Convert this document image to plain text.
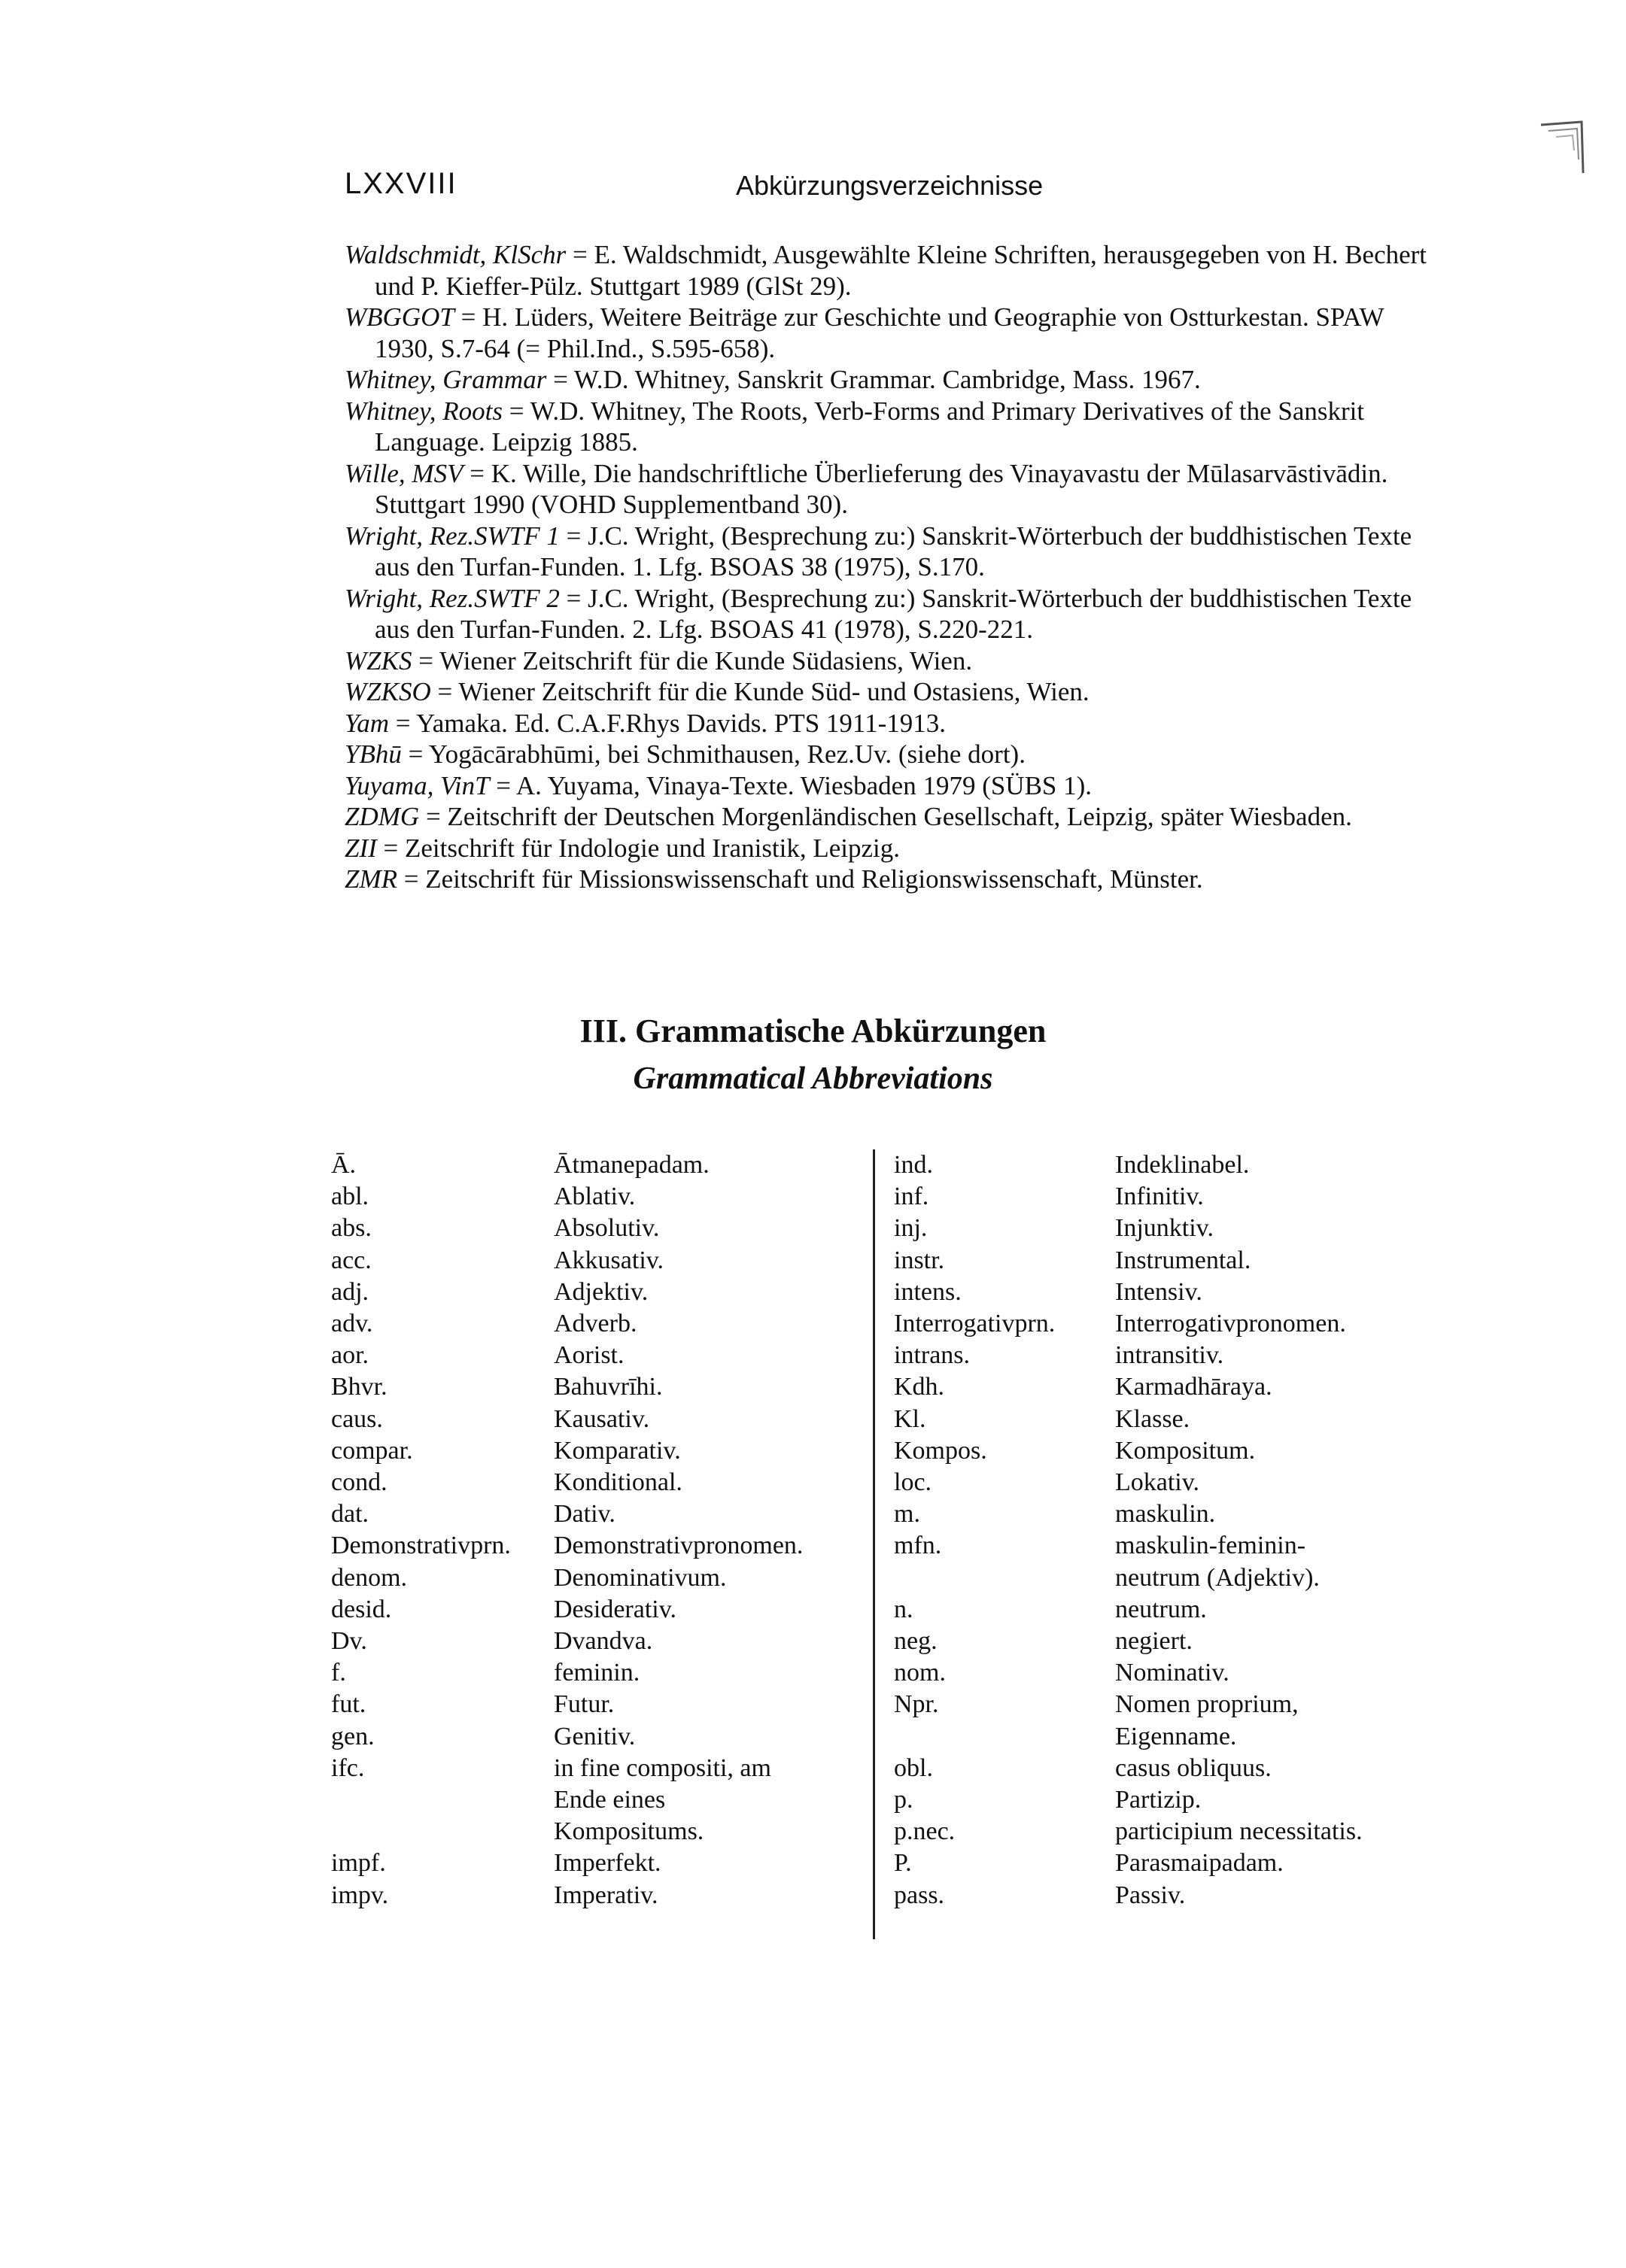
LXXVIII	Abkürzungsverzeichnisse

Waldschmidt, KlSchr = E. Waldschmidt, Ausgewählte Kleine Schriften, herausgegeben von H. Bechert und P. Kieffer-Pülz. Stuttgart 1989 (GlSt 29).

WBGGOT = H. Lüders, Weitere Beiträge zur Geschichte und Geographie von Ostturkestan. SPAW 1930, S.7-64 (= Phil.Ind., S.595-658).

Whitney, Grammar = W.D. Whitney, Sanskrit Grammar. Cambridge, Mass. 1967.

Whitney, Roots = W.D. Whitney, The Roots, Verb-Forms and Primary Derivatives of the Sanskrit Language. Leipzig 1885.

Wille, MSV = K. Wille, Die handschriftliche Überlieferung des Vinayavastu der Mūlasarvāstivādin. Stuttgart 1990 (VOHD Supplementband 30).

Wright, Rez.SWTF 1 = J.C. Wright, (Besprechung zu:) Sanskrit-Wörterbuch der buddhistischen Texte aus den Turfan-Funden. 1. Lfg. BSOAS 38 (1975), S.170.

Wright, Rez.SWTF 2 = J.C. Wright, (Besprechung zu:) Sanskrit-Wörterbuch der buddhistischen Texte aus den Turfan-Funden. 2. Lfg. BSOAS 41 (1978), S.220-221.

WZKS = Wiener Zeitschrift für die Kunde Südasiens, Wien.

WZKSO = Wiener Zeitschrift für die Kunde Süd- und Ostasiens, Wien.

Yam = Yamaka. Ed. C.A.F.Rhys Davids. PTS 1911-1913.

YBhū = Yogācārabhūmi, bei Schmithausen, Rez.Uv. (siehe dort).

Yuyama, VinT = A. Yuyama, Vinaya-Texte. Wiesbaden 1979 (SÜBS 1).

ZDMG = Zeitschrift der Deutschen Morgenländischen Gesellschaft, Leipzig, später Wiesbaden.

ZII = Zeitschrift für Indologie und Iranistik, Leipzig.

ZMR = Zeitschrift für Missionswissenschaft und Religionswissenschaft, Münster.

III. Grammatische Abkürzungen
Grammatical Abbreviations
Ā.	Ātmanepadam.
abl.	Ablativ.
abs.	Absolutiv.
acc.	Akkusativ.
adj.	Adjektiv.
adv.	Adverb.
aor.	Aorist.
Bhvr.	Bahuvrīhi.
caus.	Kausativ.
compar.	Komparativ.
cond.	Konditional.
dat.	Dativ.
Demonstrativprn. Demonstrativpronomen.
denom.	Denominativum.
desid.	Desiderativ.
Dv.	Dvandva.
f.	feminin.
fut.	Futur.
gen.	Genitiv.
ifc.	in fine compositi, am Ende eines Kompositums.
impf.	Imperfekt.
impv.	Imperativ.
ind.	Indeklinabel.
inf.	Infinitiv.
inj.	Injunktiv.
instr.	Instrumental.
intens.	Intensiv.
Interrogativprn. Interrogativpronomen.
intrans.	intransitiv.
Kdh.	Karmadhāraya.
Kl.	Klasse.
Kompos.	Kompositum.
loc.	Lokativ.
m.	maskulin.
mfn.	maskulin-feminin-neutrum (Adjektiv).
n.	neutrum.
neg.	negiert.
nom.	Nominativ.
Npr.	Nomen proprium, Eigenname.
obl.	casus obliquus.
p.	Partizip.
p.nec.	participium necessitatis.
P.	Parasmaipadam.
pass.	Passiv.
